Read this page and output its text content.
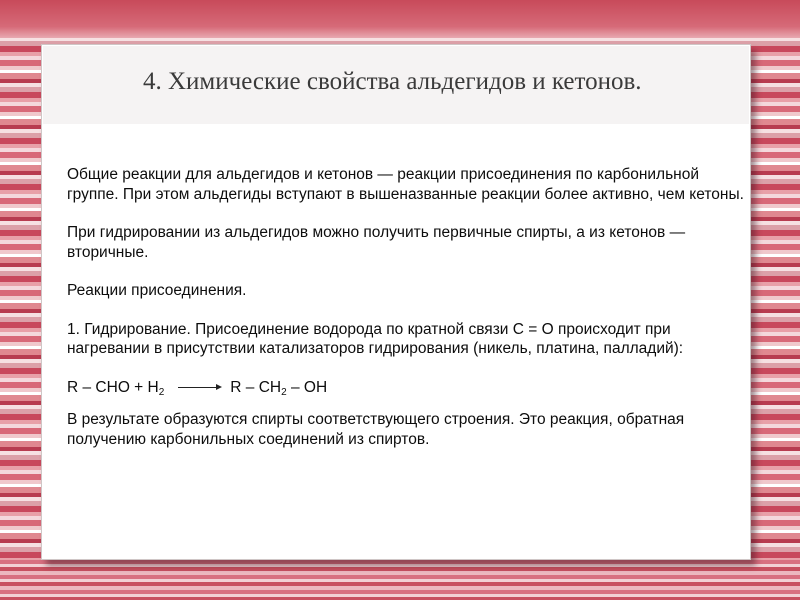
4. Химические свойства альдегидов и кетонов.

Общие реакции для альдегидов и кетонов — реакции присоединения по карбонильной группе. При этом альдегиды вступают в вышеназванные реакции более активно, чем кетоны.

При гидрировании из альдегидов можно получить первичные спирты, а из кетонов — вторичные.

Реакции присоединения.

1. Гидрирование. Присоединение водорода по кратной связи С = О происходит при нагревании в присутствии катализаторов гидрирования (никель, платина, палладий):

R – CHO + $H_2 \to R - CH_2$ – OH

В результате образуются спирты соответствующего строения. Это реакция, обратная получению карбонильных соединений из спиртов.
